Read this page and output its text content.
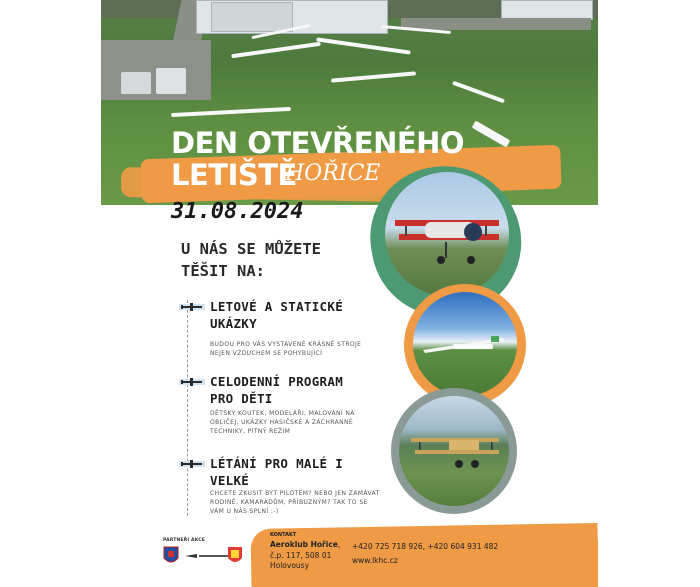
DEN OTEVŘENÉHO
LETIŠTĚ
HOŘICE
31.08.2024
U NÁS SE MŮŽETE
TĚŠIT NA:
LETOVÉ A STATICKÉ
UKÁZKY
BUDOU PRO VÁS VYSTAVENÉ KRÁSNÉ STROJE
NEJEN VZDUCHEM SE POHYBUJÍCÍ
CELODENNÍ PROGRAM
PRO DĚTI
DĚTSKÝ KOUTEK, MODELÁŘI, MALOVÁNÍ NA
OBLIČEJ, UKÁZKY HASIČSKÉ A ZÁCHRANNÉ
TECHNIKY, PITNÝ REŽIM
LÉTÁNÍ PRO MALÉ I
VELKÉ
CHCETE ZKUSIT BÝT PILOTEM? NEBO JEN ZAMÁVAT
RODINĚ, KAMARÁDŮM, PŘÍBUZNÝM? TAK TO SE
VÁM U NÁS SPLNÍ :-)
PARTNEŘI AKCE
KONTAKT
Aeroklub Hořice,
č.p. 117, 508 01
Holovousy
+420 725 718 926, +420 604 931 482
www.lkhc.cz
